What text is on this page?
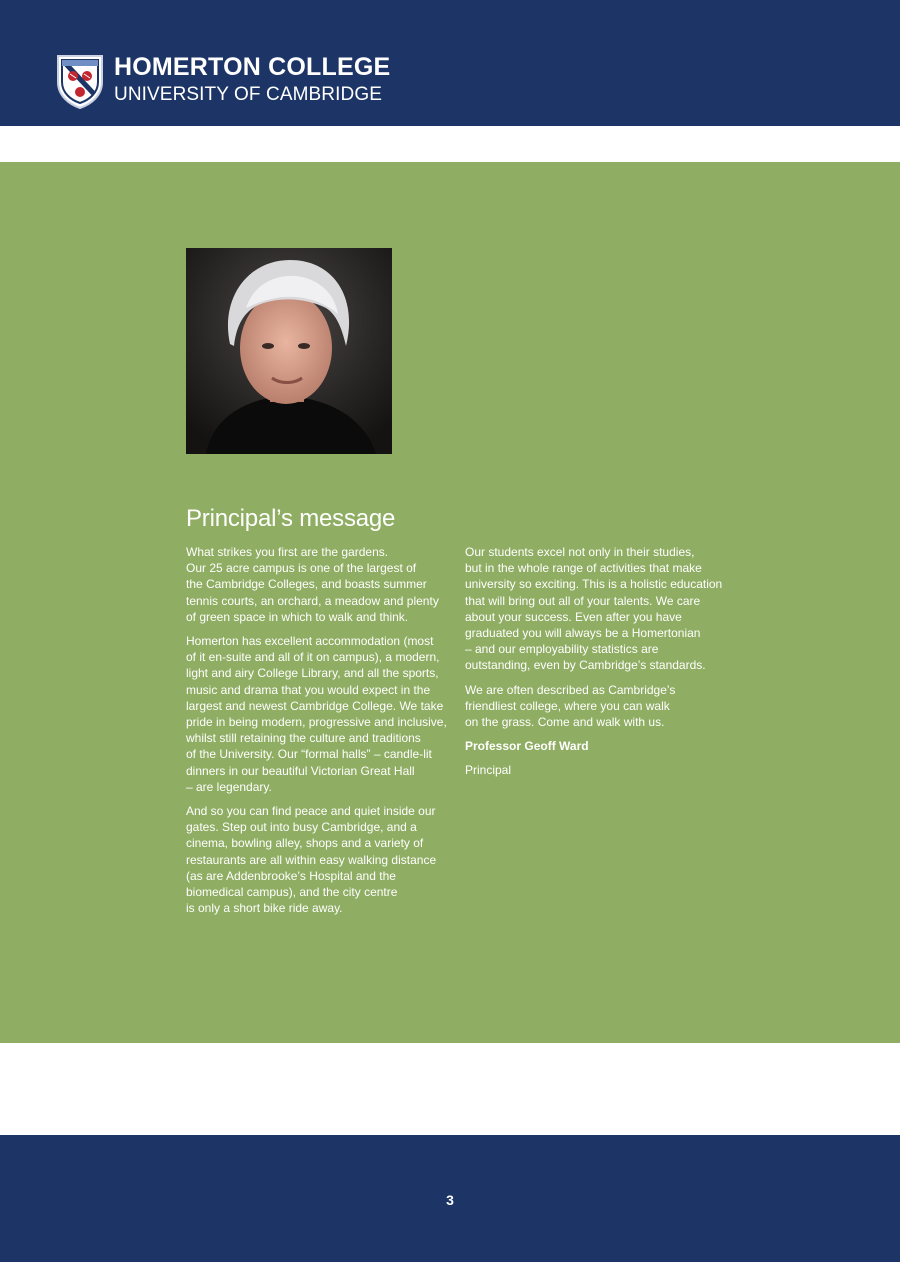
HOMERTON COLLEGE
UNIVERSITY OF CAMBRIDGE
Principal’s message

What strikes you first are the gardens.
Our 25 acre campus is one of the largest of
the Cambridge Colleges, and boasts summer
tennis courts, an orchard, a meadow and plenty
of green space in which to walk and think.

Homerton has excellent accommodation (most
of it en-suite and all of it on campus), a modern,
light and airy College Library, and all the sports,
music and drama that you would expect in the
largest and newest Cambridge College. We take
pride in being modern, progressive and inclusive,
whilst still retaining the culture and traditions
of the University. Our “formal halls” – candle-lit
dinners in our beautiful Victorian Great Hall
– are legendary.

And so you can find peace and quiet inside our
gates. Step out into busy Cambridge, and a
cinema, bowling alley, shops and a variety of
restaurants are all within easy walking distance
(as are Addenbrooke’s Hospital and the
biomedical campus), and the city centre
is only a short bike ride away.

Our students excel not only in their studies,
but in the whole range of activities that make
university so exciting. This is a holistic education
that will bring out all of your talents. We care
about your success. Even after you have
graduated you will always be a Homertonian
– and our employability statistics are
outstanding, even by Cambridge’s standards.

We are often described as Cambridge’s
friendliest college, where you can walk
on the grass. Come and walk with us.

Professor Geoff Ward

Principal

3
